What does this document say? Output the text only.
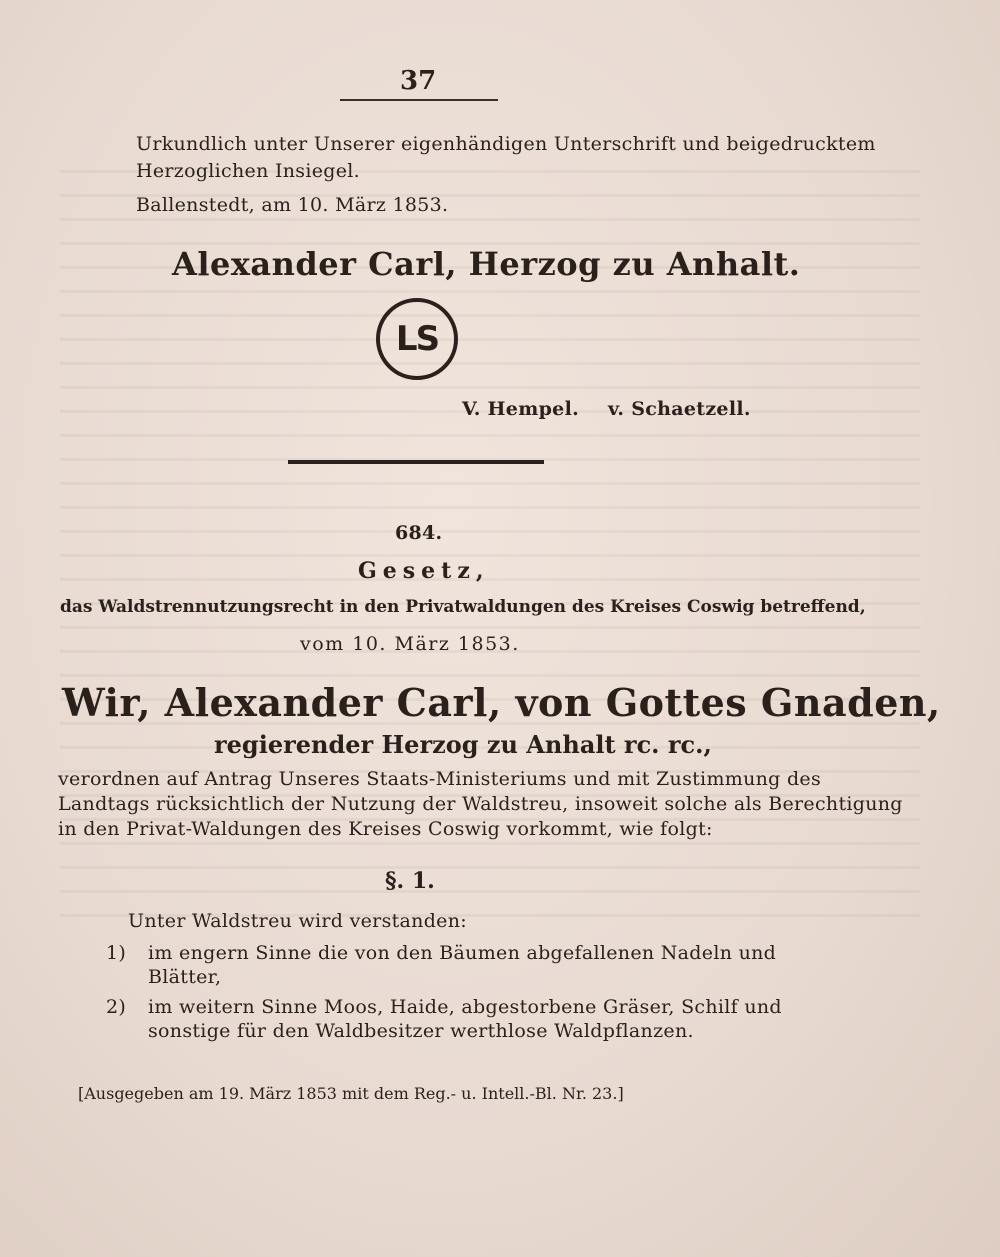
37
Urkundlich unter Unserer eigenhändigen Unterschrift und beigedrucktem
Herzoglichen Insiegel.
Ballenstedt, am 10. März 1853.
Alexander Carl, Herzog zu Anhalt.
LS
V. Hempel. v. Schaetzell.
684.
Gesetz,
das Waldstrennutzungsrecht in den Privatwaldungen des Kreises Coswig betreffend,
vom 10. März 1853.
Wir, Alexander Carl, von Gottes Gnaden,
regierender Herzog zu Anhalt rc. rc.,
verordnen auf Antrag Unseres Staats-Ministeriums und mit Zustimmung des
Landtags rücksichtlich der Nutzung der Waldstreu, insoweit solche als Berechtigung
in den Privat-Waldungen des Kreises Coswig vorkommt, wie folgt:
§. 1.
Unter Waldstreu wird verstanden:
1) im engern Sinne die von den Bäumen abgefallenen Nadeln und
Blätter,
2) im weitern Sinne Moos, Haide, abgestorbene Gräser, Schilf und
sonstige für den Waldbesitzer werthlose Waldpflanzen.
[Ausgegeben am 19. März 1853 mit dem Reg.- u. Intell.-Bl. Nr. 23.]
